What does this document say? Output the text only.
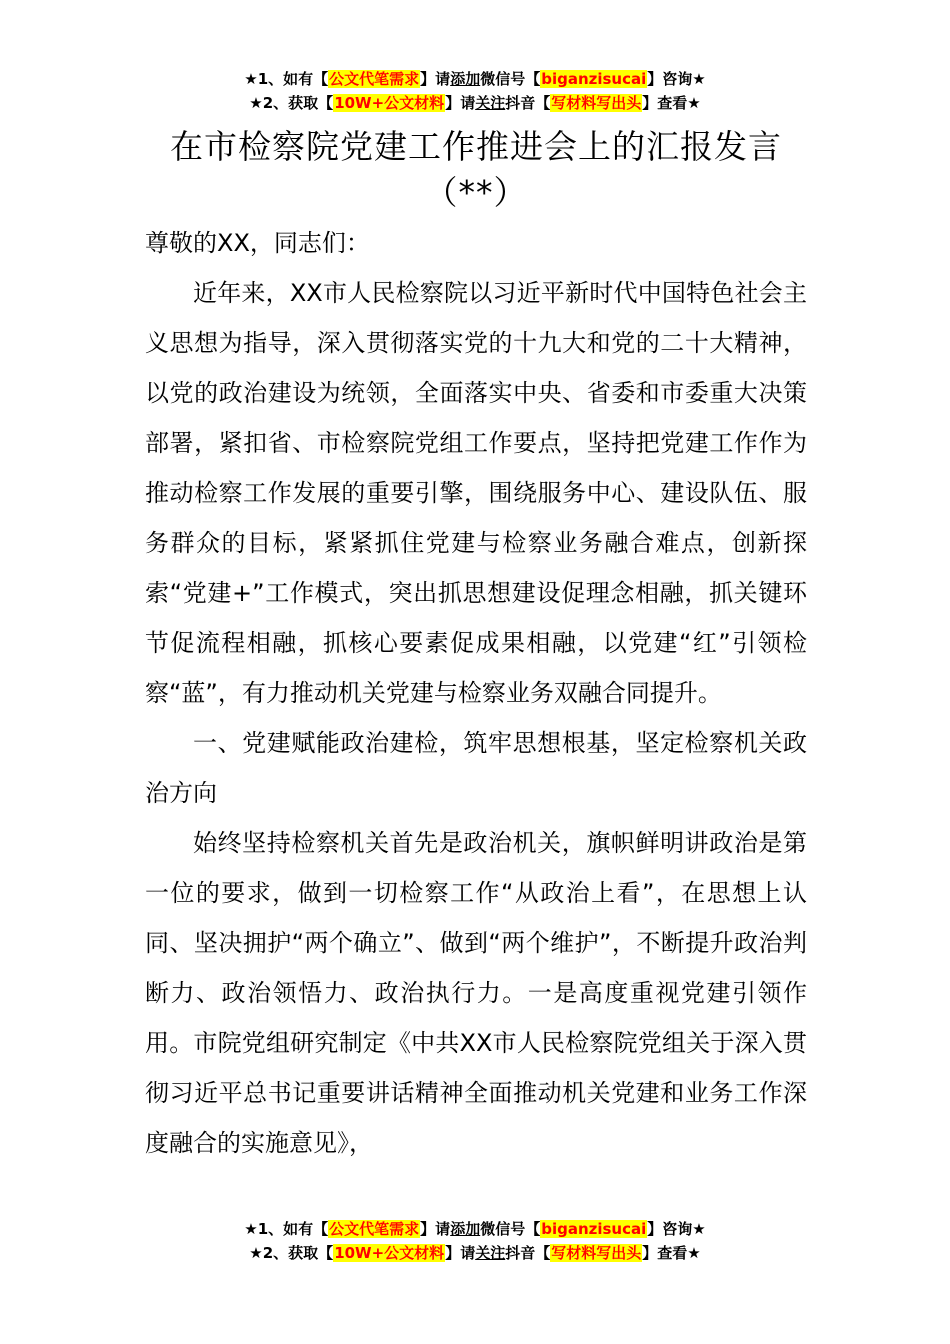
★1、如有【公文代笔需求】请添加微信号【biganzisucai】咨询★
★2、获取【10W+公文材料】请关注抖音【写材料写出头】查看★
在市检察院党建工作推进会上的汇报发言（**）

尊敬的XX，同志们：

近年来，XX市人民检察院以习近平新时代中国特色社会主义思想为指导，深入贯彻落实党的十九大和党的二十大精神，以党的政治建设为统领，全面落实中央、省委和市委重大决策部署，紧扣省、市检察院党组工作要点，坚持把党建工作作为推动检察工作发展的重要引擎，围绕服务中心、建设队伍、服务群众的目标，紧紧抓住党建与检察业务融合难点，创新探索“党建+”工作模式，突出抓思想建设促理念相融，抓关键环节促流程相融，抓核心要素促成果相融，以党建“红”引领检察“蓝”，有力推动机关党建与检察业务双融合同提升。

一、党建赋能政治建检，筑牢思想根基，坚定检察机关政治方向

始终坚持检察机关首先是政治机关，旗帜鲜明讲政治是第一位的要求，做到一切检察工作“从政治上看”，在思想上认同、坚决拥护“两个确立”、做到“两个维护”，不断提升政治判断力、政治领悟力、政治执行力。一是高度重视党建引领作用。市院党组研究制定《中共XX市人民检察院党组关于深入贯彻习近平总书记重要讲话精神全面推动机关党建和业务工作深度融合的实施意见》，

★1、如有【公文代笔需求】请添加微信号【biganzisucai】咨询★
★2、获取【10W+公文材料】请关注抖音【写材料写出头】查看★
